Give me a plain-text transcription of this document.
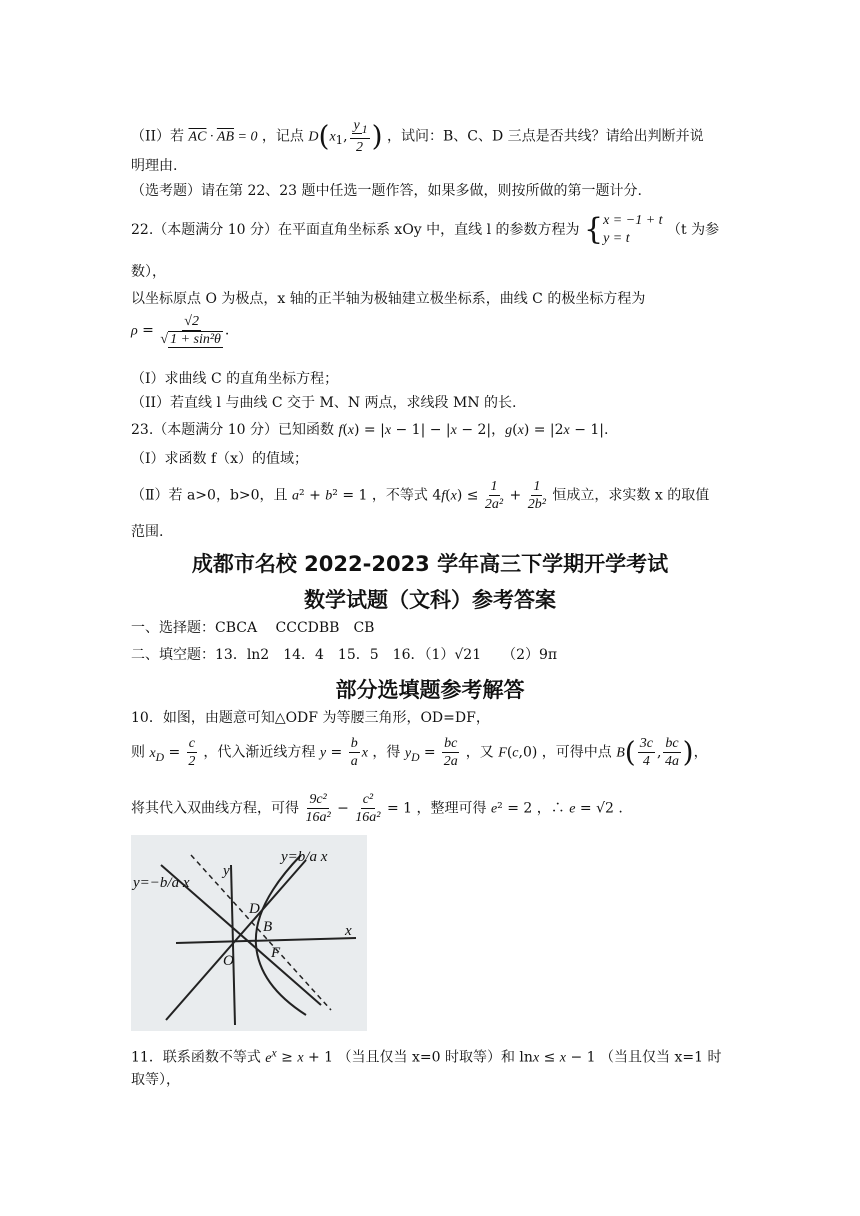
（II）若 $\overline{AC} \cdot \overline{AB} = 0$ ，记点 $D(x_1$, $\frac{y _1}{2}$ ) ，试问：B、C、D 三点是否共线？请给出判断并说
明理由.
（选考题）请在第 22、23 题中任选一题作答，如果多做，则按所做的第一题计分.
22.（本题满分 10 分）在平面直角坐标系 xOy 中，直线 l 的参数方程为 { x = −1 + t
y = t
（t 为参
数），
以坐标原点 O 为极点，x 轴的正半轴为极轴建立极坐标系，曲线 C 的极坐标方程为
$\rho = \frac{√2}{\text{√ 1 + sin²θ}}$ .
（I）求曲线 C 的直角坐标方程；
（II）若直线 l 与曲线 C 交于 M、N 两点，求线段 MN 的长.
23.（本题满分 10 分）已知函数 f(x) = |x − 1| − |x − 2|，g(x) = |2x − 1|.
（I）求函数 f（x）的值域；
（Ⅱ）若 a>0，b>0，且 a² + b² = 1 ，不等式 $4f(x) \le \frac{1}{\text{2a²}} + \frac{1}{\text{2b²}}$ 恒成立，求实数 x 的取值
范围.
成都市名校 2022-2023 学年高三下学期开学考试
数学试题（文科）参考答案
一、选择题：CBCA　 CCCDBB　CB
二、填空题：13．ln2　14．4　15．5　16．（1）√21　　（2）9π
部分选填题参考解答
10．如图，由题意可知△ODF 为等腰三角形，OD=DF，
则 $x_D = \frac{c}{2}$ ，代入渐近线方程 $y = \frac{b}{a}$ x ，得 $y_D = \frac{bc}{2a}$ ，又 F(c,0) ，可得中点 $B( \frac{3c}{4}$ , $\frac{bc}{4a}$ )，
将其代入双曲线方程，可得 $\frac{\text{9c²}}{\text{16a²}} - \frac{\text{c²}}{\text{16a²}} = 1$ ，整理可得 e² = 2 ，∴ e = √2 .
y=−b/a x
y=b/a x
y
x
O
D
B
F
11．联系函数不等式 $e^x \ge x + 1$ （当且仅当 x=0 时取等）和 lnx ≤ x − 1 （当且仅当 x=1 时
取等），
